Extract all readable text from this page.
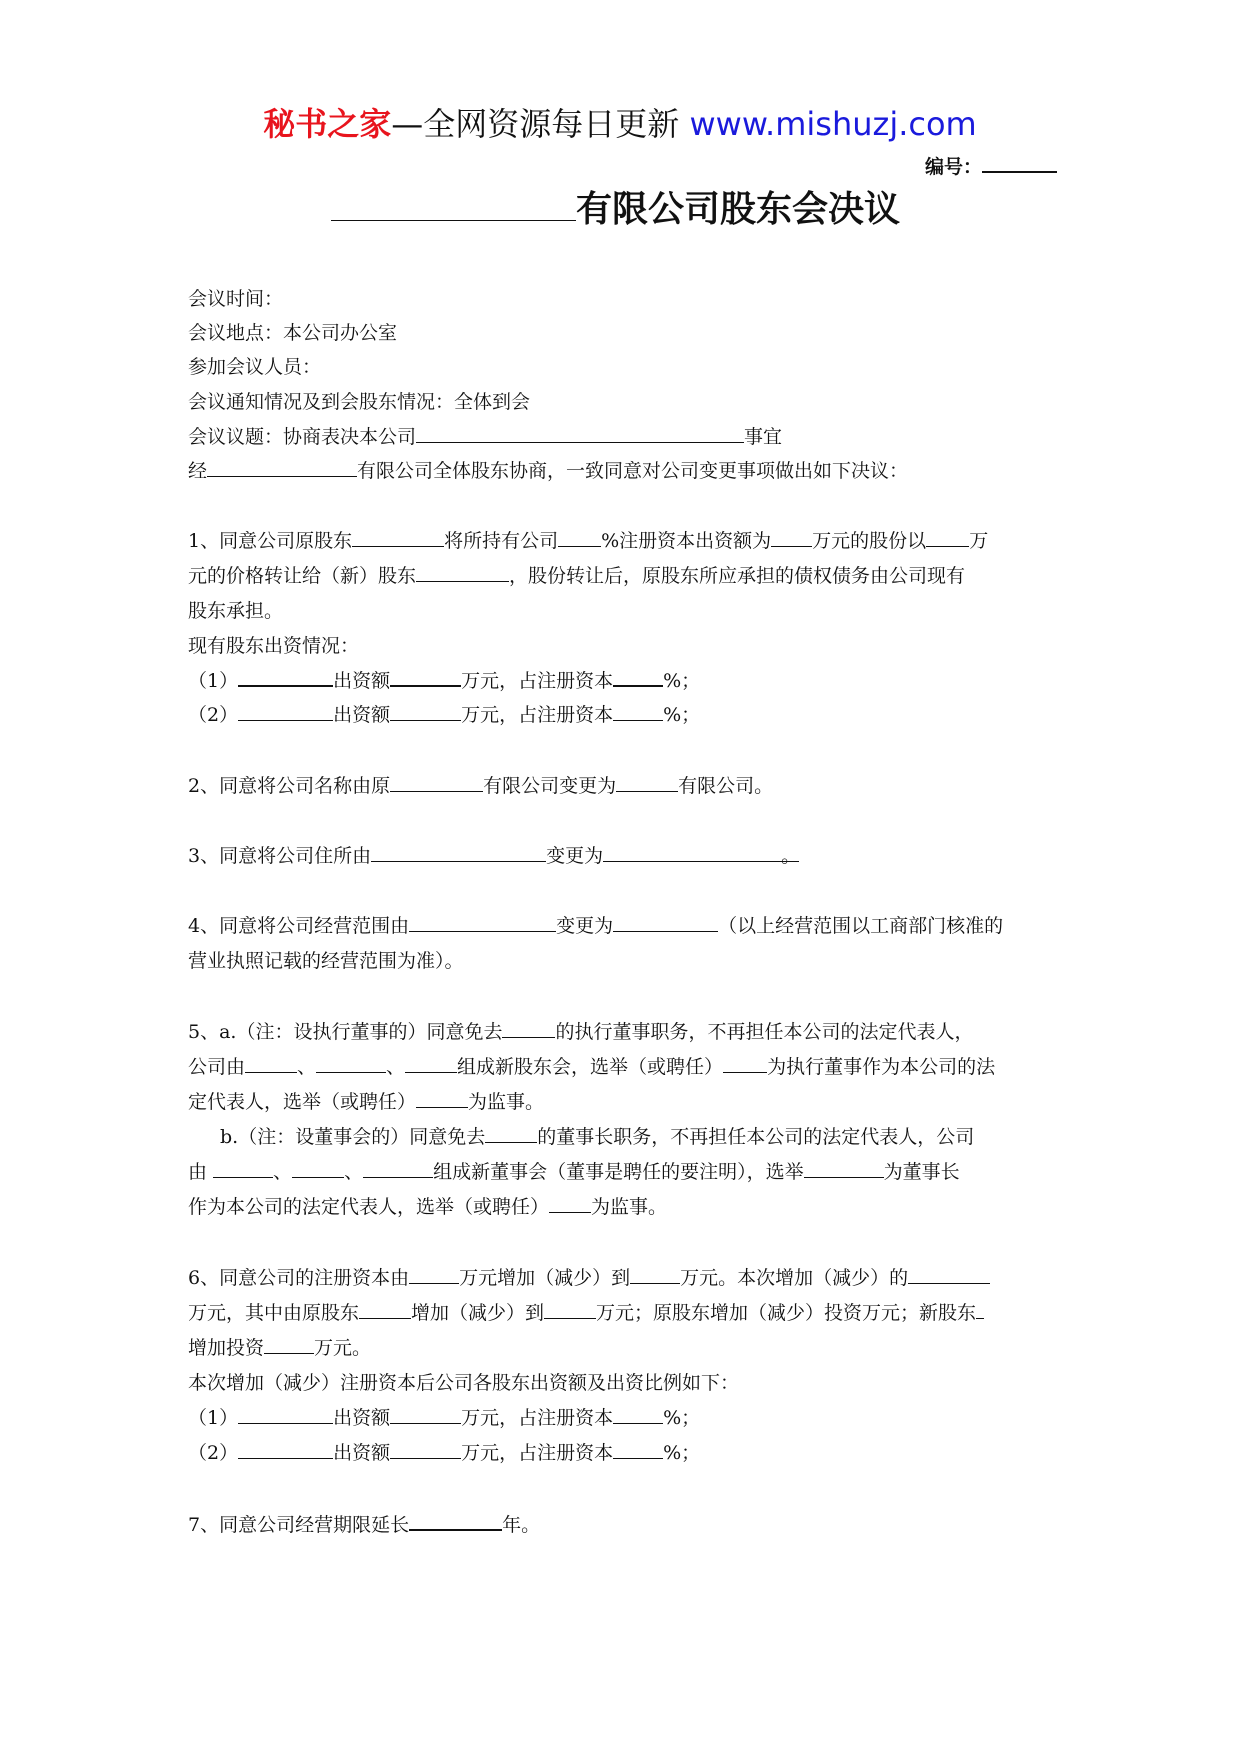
秘书之家—全网资源每日更新 www.mishuzj.com
编号：
有限公司股东会决议
会议时间：
会议地点：本公司办公室
参加会议人员：
会议通知情况及到会股东情况：全体到会
会议议题：协商表决本公司	事宜
经	有限公司全体股东协商，一致同意对公司变更事项做出如下决议：
1、同意公司原股东	将所持有公司 %注册资本出资额为 万元的股份以 万
元的价格转让给（新）股东	，股份转让后，原股东所应承担的债权债务由公司现有
股东承担。
现有股东出资情况：
（1）	出资额	万元，占注册资本	%；
（2）	出资额	万元，占注册资本	%；
2、同意将公司名称由原	有限公司变更为	有限公司。
3、同意将公司住所由	变更为	。
4、同意将公司经营范围由	变更为	（以上经营范围以工商部门核准的
营业执照记载的经营范围为准）。
5、a.（注：设执行董事的）同意免去	的执行董事职务，不再担任本公司的法定代表人，
公司由	、	、	组成新股东会，选举（或聘任） 为执行董事作为本公司的法
定代表人，选举（或聘任）	为监事。
b.（注：设董事会的）同意免去	的董事长职务，不再担任本公司的法定代表人，公司
由	、	、	组成新董事会（董事是聘任的要注明），选举	为董事长
作为本公司的法定代表人，选举（或聘任） 为监事。
6、同意公司的注册资本由	万元增加（减少）到	万元。本次增加（减少）的
万元，其中由原股东	增加（减少）到	万元；原股东增加（减少）投资万元；新股东
增加投资	万元。
本次增加（减少）注册资本后公司各股东出资额及出资比例如下：
（1）	出资额	万元，占注册资本	%；
（2）	出资额	万元，占注册资本	%；
7、同意公司经营期限延长	年。
